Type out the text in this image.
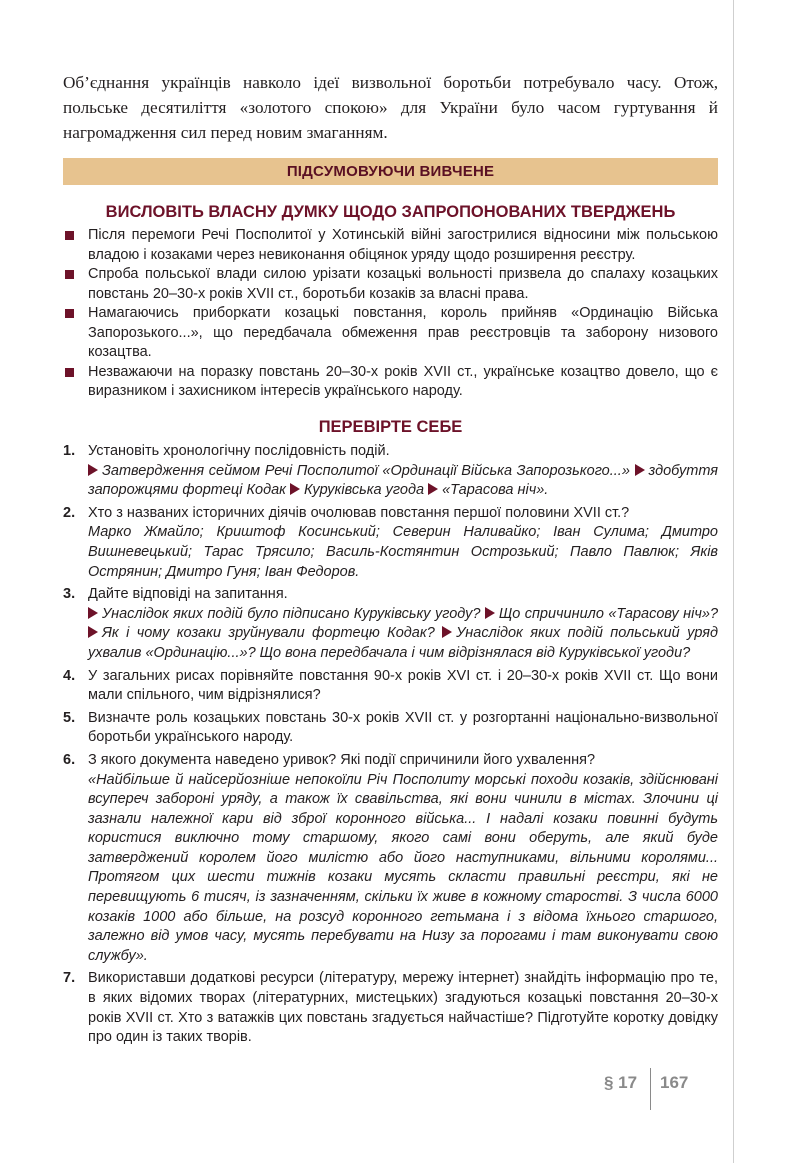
Об’єднання українців навколо ідеї визвольної боротьби потребувало часу. Отож, польське десятиліття «золотого спокою» для України було часом гуртування й нагромадження сил перед новим змаганням.

ПІДСУМОВУЮЧИ ВИВЧЕНЕ
ВИСЛОВІТЬ ВЛАСНУ ДУМКУ ЩОДО ЗАПРОПОНОВАНИХ ТВЕРДЖЕНЬ
Після перемоги Речі Посполитої у Хотинській війні загострилися відносини між польською владою і козаками через невиконання обіцянок уряду щодо розширення реєстру.
Спроба польської влади силою урізати козацькі вольності призвела до спалаху козацьких повстань 20–30-х років XVII ст., боротьби козаків за власні права.
Намагаючись приборкати козацькі повстання, король прийняв «Ординацію Війська Запорозького...», що передбачала обмеження прав реєстровців та заборону низового козацтва.
Незважаючи на поразку повстань 20–30-х років XVII ст., українське козацтво довело, що є виразником і захисником інтересів українського народу.
ПЕРЕВІРТЕ СЕБЕ
1. Установіть хронологічну послідовність подій.
Затвердження сеймом Речі Посполитої «Ординації Війська Запорозького...» здобуття запорожцями фортеці Кодак Куруківська угода «Тарасова ніч».
2. Хто з названих історичних діячів очолював повстання першої половини XVII ст.?
Марко Жмайло; Криштоф Косинський; Северин Наливайко; Іван Сулима; Дмитро Вишневецький; Тарас Трясило; Василь-Костянтин Острозький; Павло Павлюк; Яків Острянин; Дмитро Гуня; Іван Федоров.
3. Дайте відповіді на запитання.
Унаслідок яких подій було підписано Куруківську угоду? Що спричинило «Тарасову ніч»? Як і чому козаки зруйнували фортецю Кодак? Унаслідок яких подій польський уряд ухвалив «Ординацію...»? Що вона передбачала і чим відрізнялася від Куруківської угоди?
4. У загальних рисах порівняйте повстання 90-х років XVI ст. і 20–30-х років XVII ст. Що вони мали спільного, чим відрізнялися?
5. Визначте роль козацьких повстань 30-х років XVII ст. у розгортанні національно-визвольної боротьби українського народу.
6. З якого документа наведено уривок? Які події спричинили його ухвалення?
«Найбільше й найсерйозніше непокоїли Річ Посполиту морські походи козаків, здійснювані всупереч забороні уряду, а також їх свавільства, які вони чинили в містах. Злочини ці зазнали належної кари від зброї коронного війська... І надалі козаки повинні будуть користися виключно тому старшому, якого самі вони оберуть, але який буде затверджений королем його милістю або його наступниками, вільними королями... Протягом цих шести тижнів козаки мусять скласти правильні реєстри, які не перевищують 6 тисяч, із зазначенням, скільки їх живе в кожному старостві. З числа 6000 козаків 1000 або більше, на розсуд коронного гетьмана і з відома їхнього старшого, залежно від умов часу, мусять перебувати на Низу за порогами і там виконувати свою службу».
7. Використавши додаткові ресурси (літературу, мережу інтернет) знайдіть інформацію про те, в яких відомих творах (літературних, мистецьких) згадуються козацькі повстання 20–30-х років XVII ст. Хто з ватажків цих повстань згадується найчастіше? Підготуйте коротку довідку про один із таких творів.
§ 17 167
